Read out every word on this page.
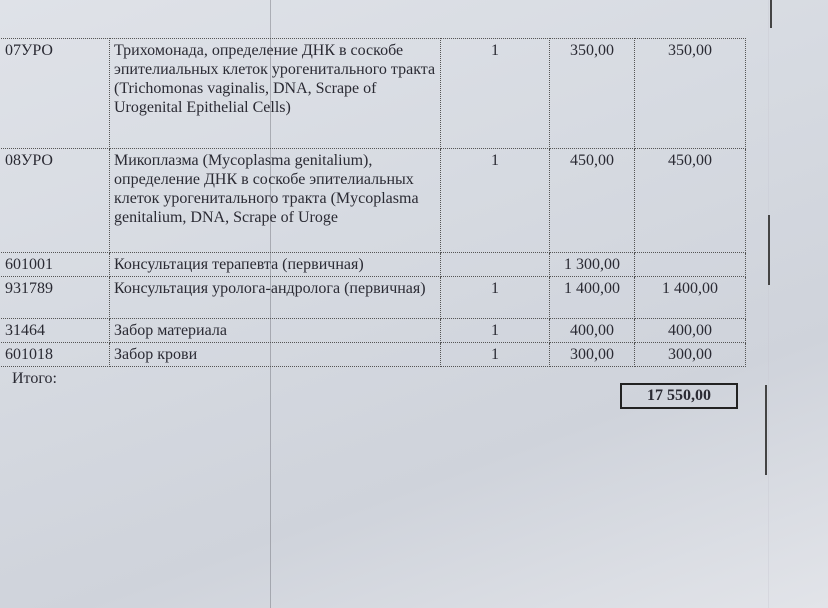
07УРО	Трихомонада, определение ДНК в соскобе эпителиальных клеток урогенитального тракта (Trichomonas vaginalis, DNA, Scrape of Urogenital Epithelial Cells)	1	350,00	350,00
08УРО	Микоплазма (Mycoplasma genitalium), определение ДНК в соскобе эпителиальных клеток урогенитального тракта (Mycoplasma genitalium, DNA, Scrape of Uroge	1	450,00	450,00
601001	Консультация терапевта (первичная)		1 300,00	
931789	Консультация уролога-андролога (первичная)	1	1 400,00	1 400,00
31464	Забор материала	1	400,00	400,00
601018	Забор крови	1	300,00	300,00
Итого:
17 550,00
